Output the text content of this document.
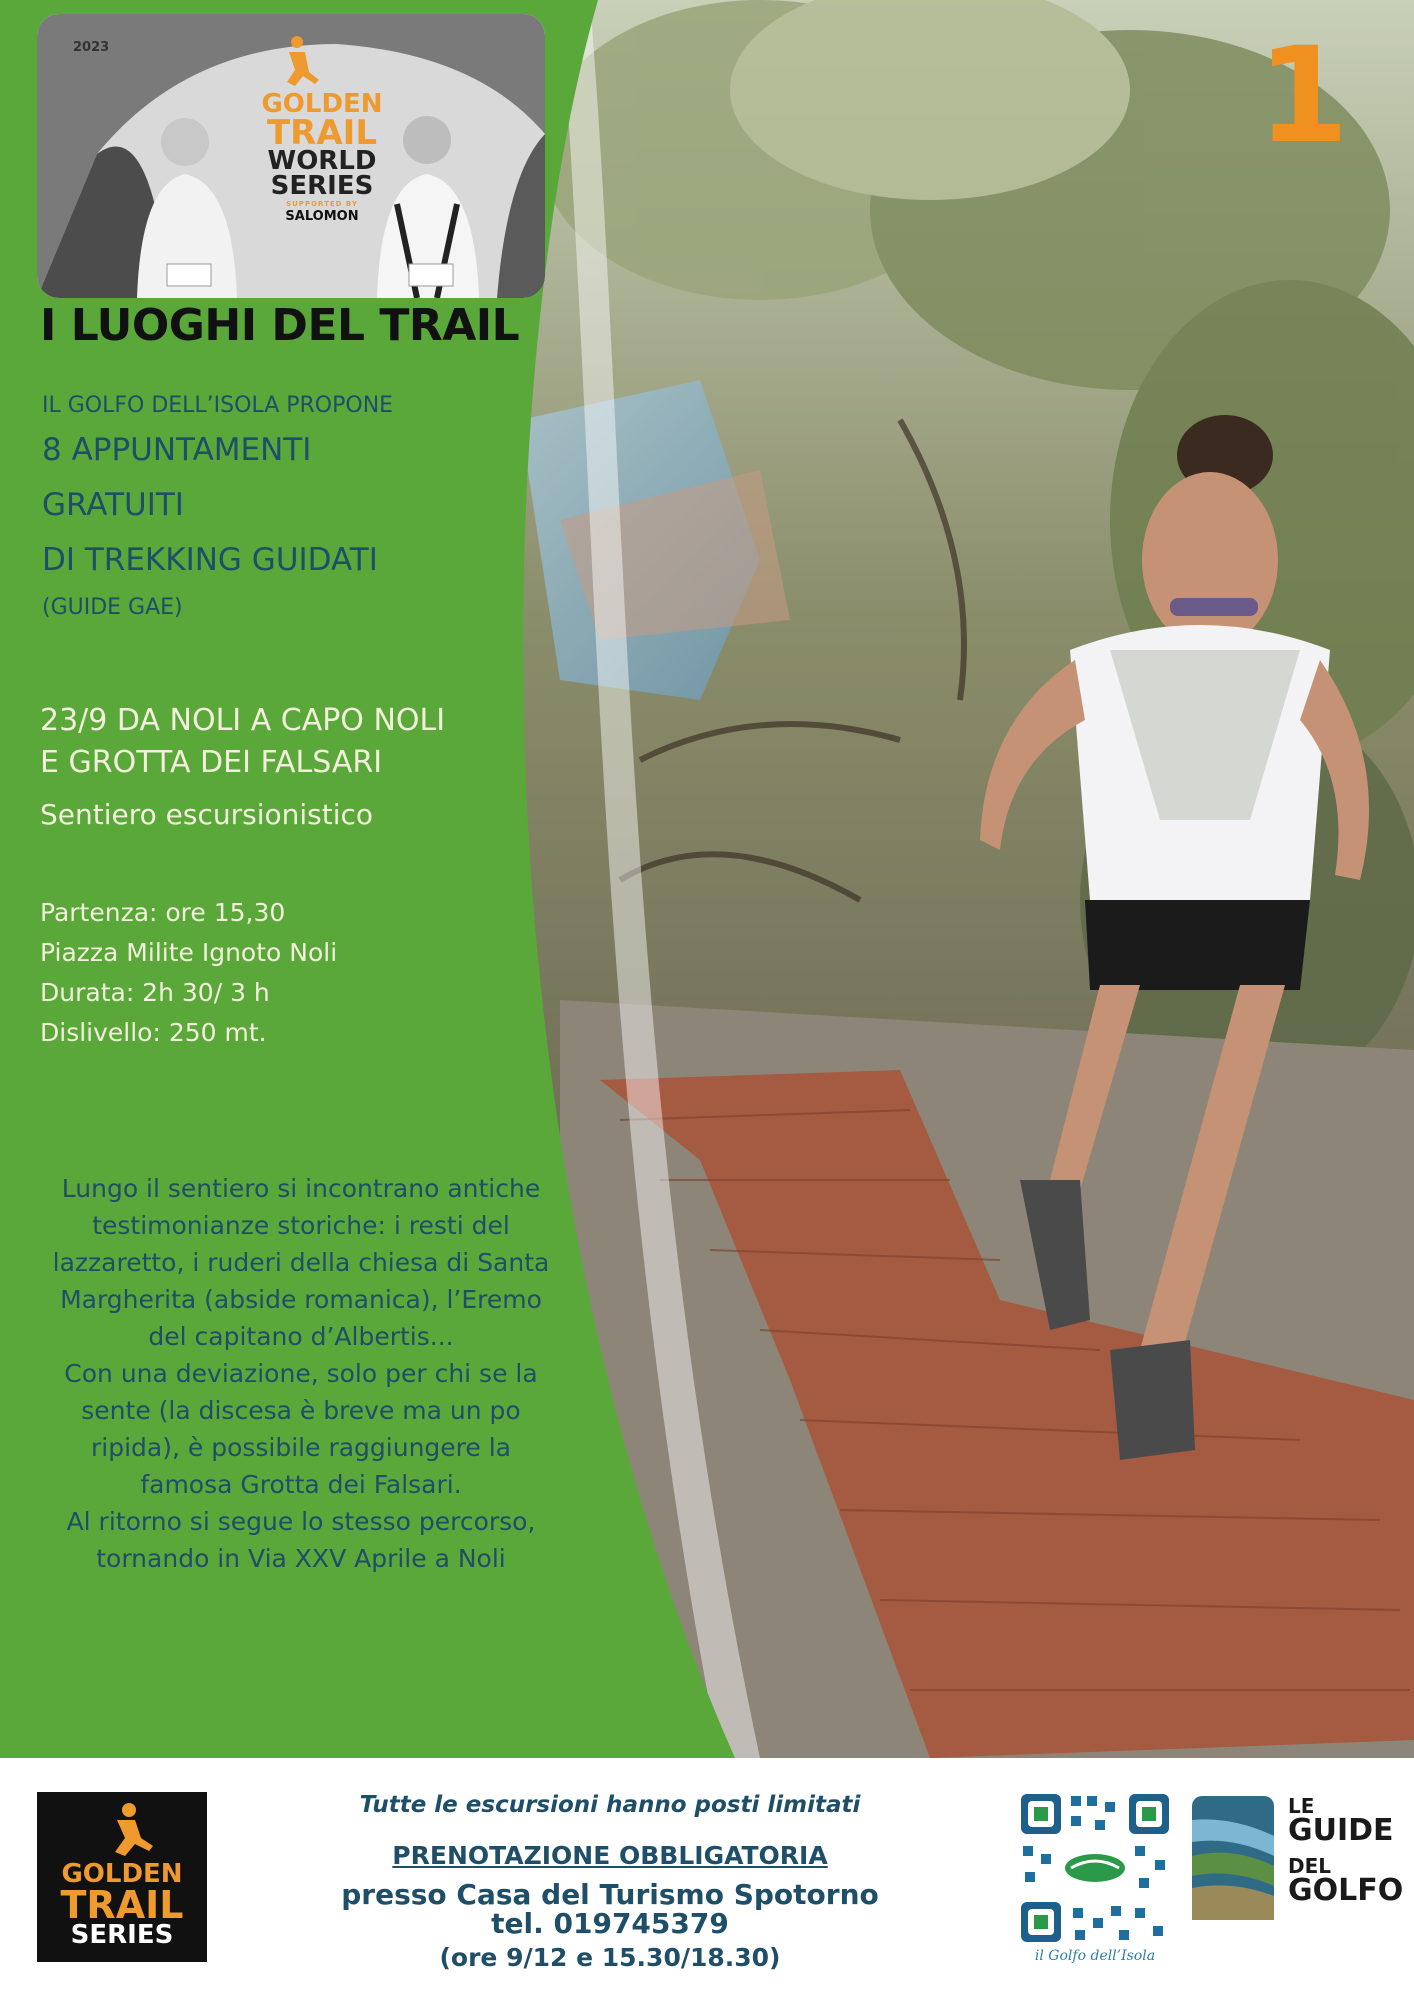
1
2023
GOLDEN
TRAIL
WORLD
SERIES
SUPPORTED BY
SALOMON
I LUOGHI DEL TRAIL
IL GOLFO DELL’ISOLA PROPONE
8 APPUNTAMENTI
GRATUITI
DI TREKKING GUIDATI
(GUIDE GAE)
23/9 DA NOLI A CAPO NOLI
E GROTTA DEI FALSARI
Sentiero escursionistico
Partenza: ore 15,30
Piazza Milite Ignoto Noli
Durata: 2h 30/ 3 h
Dislivello: 250 mt.
Lungo il sentiero si incontrano antiche
testimonianze storiche: i resti del
lazzaretto, i ruderi della chiesa di Santa
Margherita (abside romanica), l’Eremo
del capitano d’Albertis...
Con una deviazione, solo per chi se la
sente (la discesa è breve ma un po
ripida), è possibile raggiungere la
famosa Grotta dei Falsari.
Al ritorno si segue lo stesso percorso,
tornando in Via XXV Aprile a Noli
GOLDEN
TRAIL
SERIES
Tutte le escursioni hanno posti limitati
PRENOTAZIONE OBBLIGATORIA
presso Casa del Turismo Spotorno
tel. 019745379
(ore 9/12 e 15.30/18.30)	il Golfo dell’Isola
LE
GUIDE
DEL
GOLFO
